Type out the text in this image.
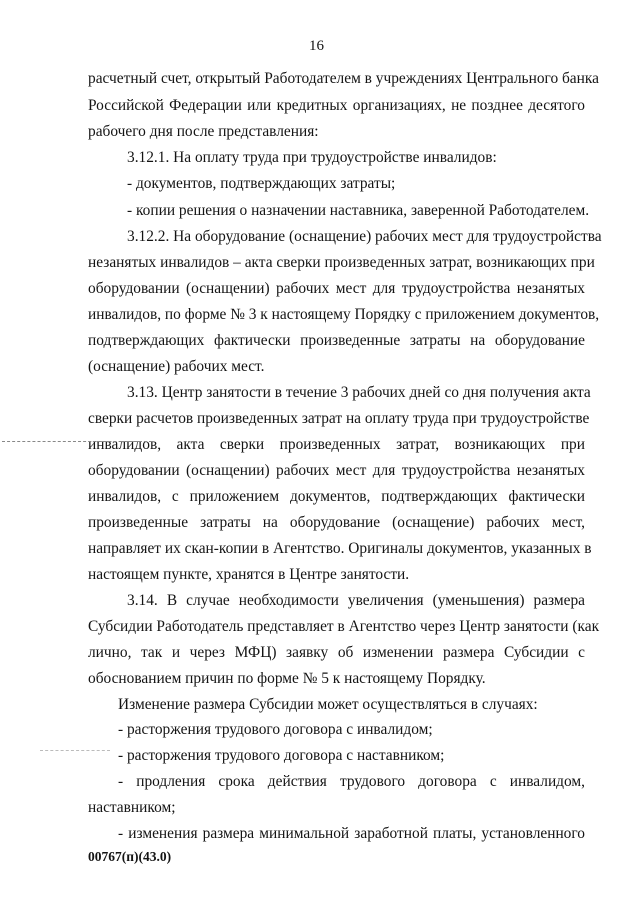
16
расчетный счет, открытый Работодателем в учреждениях Центрального банка
Российской Федерации или кредитных организациях, не позднее десятого
рабочего дня после представления:
3.12.1. На оплату труда при трудоустройстве инвалидов:
- документов, подтверждающих затраты;
- копии решения о назначении наставника, заверенной Работодателем.
3.12.2. На оборудование (оснащение) рабочих мест для трудоустройства
незанятых инвалидов – акта сверки произведенных затрат, возникающих при
оборудовании (оснащении) рабочих мест для трудоустройства незанятых
инвалидов, по форме № 3 к настоящему Порядку с приложением документов,
подтверждающих фактически произведенные затраты на оборудование
(оснащение) рабочих мест.
3.13. Центр занятости в течение 3 рабочих дней со дня получения акта
сверки расчетов произведенных затрат на оплату труда при трудоустройстве
инвалидов, акта сверки произведенных затрат, возникающих при
оборудовании (оснащении) рабочих мест для трудоустройства незанятых
инвалидов, с приложением документов, подтверждающих фактически
произведенные затраты на оборудование (оснащение) рабочих мест,
направляет их скан-копии в Агентство. Оригиналы документов, указанных в
настоящем пункте, хранятся в Центре занятости.
3.14. В случае необходимости увеличения (уменьшения) размера
Субсидии Работодатель представляет в Агентство через Центр занятости (как
лично, так и через МФЦ) заявку об изменении размера Субсидии с
обоснованием причин по форме № 5 к настоящему Порядку.
Изменение размера Субсидии может осуществляться в случаях:
- расторжения трудового договора с инвалидом;
- расторжения трудового договора с наставником;
- продления срока действия трудового договора с инвалидом,
наставником;
- изменения размера минимальной заработной платы, установленного
00767(п)(43.0)
